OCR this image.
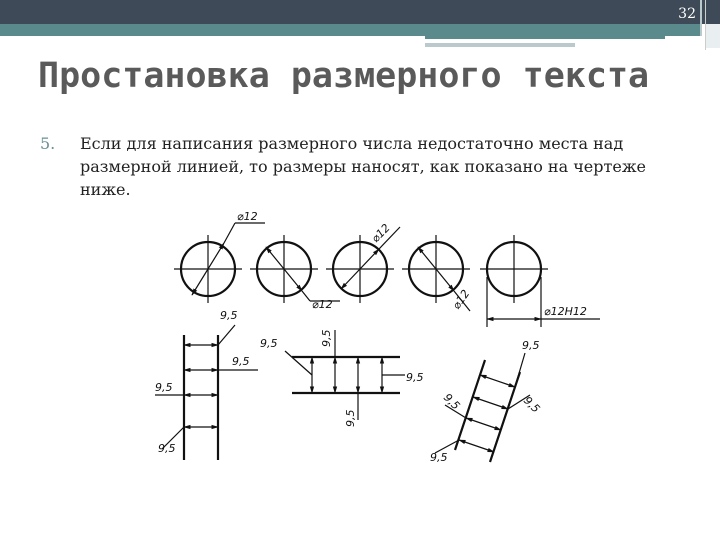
32
Простановка размерного текста
5. Если для написания размерного числа недостаточно места над размерной линией, то размеры наносят, как показано на чертеже ниже.

⌀12
⌀12
⌀12
⌀12	⌀12H12
9,5
9,5
9,5
9,5
9,5	9,5
9,5
9,5
9,5
9,5
9,5
9,5
